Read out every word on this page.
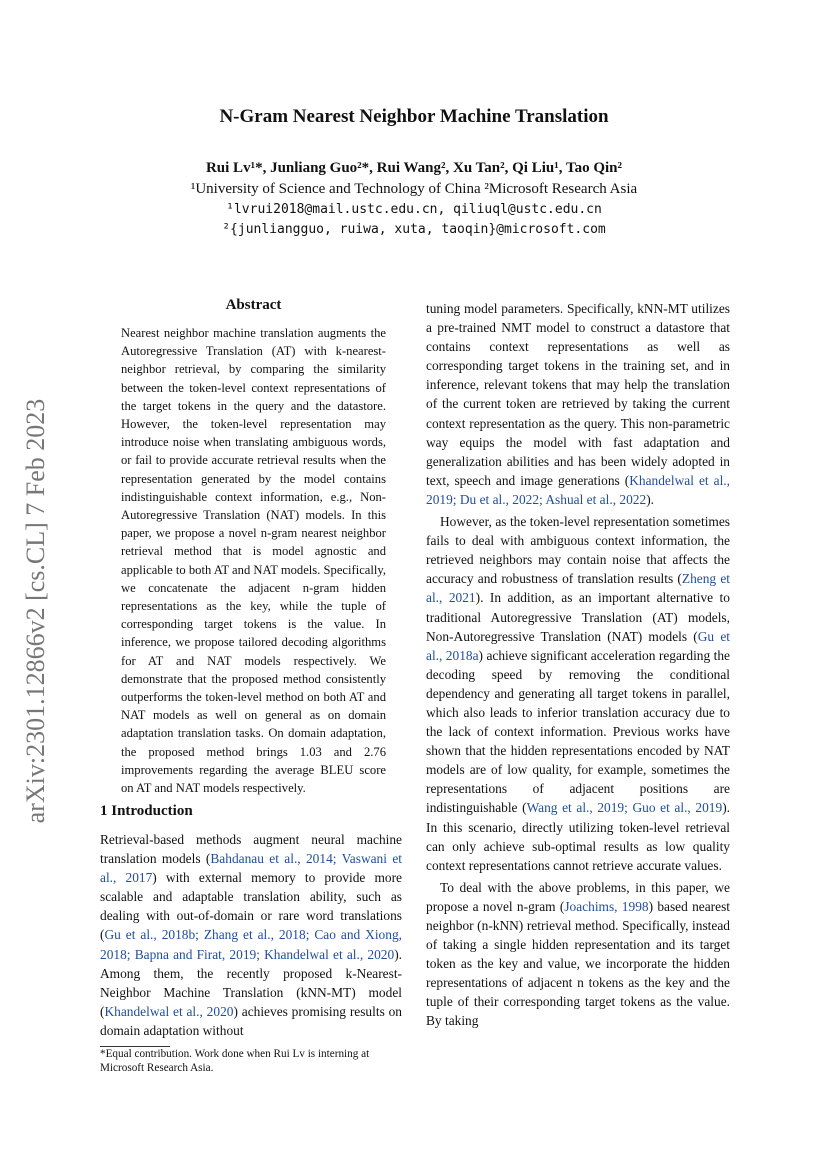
N-Gram Nearest Neighbor Machine Translation
Rui Lv¹*, Junliang Guo²*, Rui Wang², Xu Tan², Qi Liu¹, Tao Qin²
¹University of Science and Technology of China ²Microsoft Research Asia
¹lvrui2018@mail.ustc.edu.cn, qiliuql@ustc.edu.cn
²{junliangguo, ruiwa, xuta, taoqin}@microsoft.com
arXiv:2301.12866v2 [cs.CL] 7 Feb 2023
Abstract
Nearest neighbor machine translation augments the Autoregressive Translation (AT) with k-nearest-neighbor retrieval, by comparing the similarity between the token-level context representations of the target tokens in the query and the datastore. However, the token-level representation may introduce noise when translating ambiguous words, or fail to provide accurate retrieval results when the representation generated by the model contains indistinguishable context information, e.g., Non-Autoregressive Translation (NAT) models. In this paper, we propose a novel n-gram nearest neighbor retrieval method that is model agnostic and applicable to both AT and NAT models. Specifically, we concatenate the adjacent n-gram hidden representations as the key, while the tuple of corresponding target tokens is the value. In inference, we propose tailored decoding algorithms for AT and NAT models respectively. We demonstrate that the proposed method consistently outperforms the token-level method on both AT and NAT models as well on general as on domain adaptation translation tasks. On domain adaptation, the proposed method brings 1.03 and 2.76 improvements regarding the average BLEU score on AT and NAT models respectively.
1 Introduction
Retrieval-based methods augment neural machine translation models (Bahdanau et al., 2014; Vaswani et al., 2017) with external memory to provide more scalable and adaptable translation ability, such as dealing with out-of-domain or rare word translations (Gu et al., 2018b; Zhang et al., 2018; Cao and Xiong, 2018; Bapna and Firat, 2019; Khandelwal et al., 2020). Among them, the recently proposed k-Nearest-Neighbor Machine Translation (kNN-MT) model (Khandelwal et al., 2020) achieves promising results on domain adaptation without
*Equal contribution. Work done when Rui Lv is interning at Microsoft Research Asia.

tuning model parameters. Specifically, kNN-MT utilizes a pre-trained NMT model to construct a datastore that contains context representations as well as corresponding target tokens in the training set, and in inference, relevant tokens that may help the translation of the current token are retrieved by taking the current context representation as the query. This non-parametric way equips the model with fast adaptation and generalization abilities and has been widely adopted in text, speech and image generations (Khandelwal et al., 2019; Du et al., 2022; Ashual et al., 2022).

However, as the token-level representation sometimes fails to deal with ambiguous context information, the retrieved neighbors may contain noise that affects the accuracy and robustness of translation results (Zheng et al., 2021). In addition, as an important alternative to traditional Autoregressive Translation (AT) models, Non-Autoregressive Translation (NAT) models (Gu et al., 2018a) achieve significant acceleration regarding the decoding speed by removing the conditional dependency and generating all target tokens in parallel, which also leads to inferior translation accuracy due to the lack of context information. Previous works have shown that the hidden representations encoded by NAT models are of low quality, for example, sometimes the representations of adjacent positions are indistinguishable (Wang et al., 2019; Guo et al., 2019). In this scenario, directly utilizing token-level retrieval can only achieve sub-optimal results as low quality context representations cannot retrieve accurate values.

To deal with the above problems, in this paper, we propose a novel n-gram (Joachims, 1998) based nearest neighbor (n-kNN) retrieval method. Specifically, instead of taking a single hidden representation and its target token as the key and value, we incorporate the hidden representations of adjacent n tokens as the key and the tuple of their corresponding target tokens as the value. By taking
